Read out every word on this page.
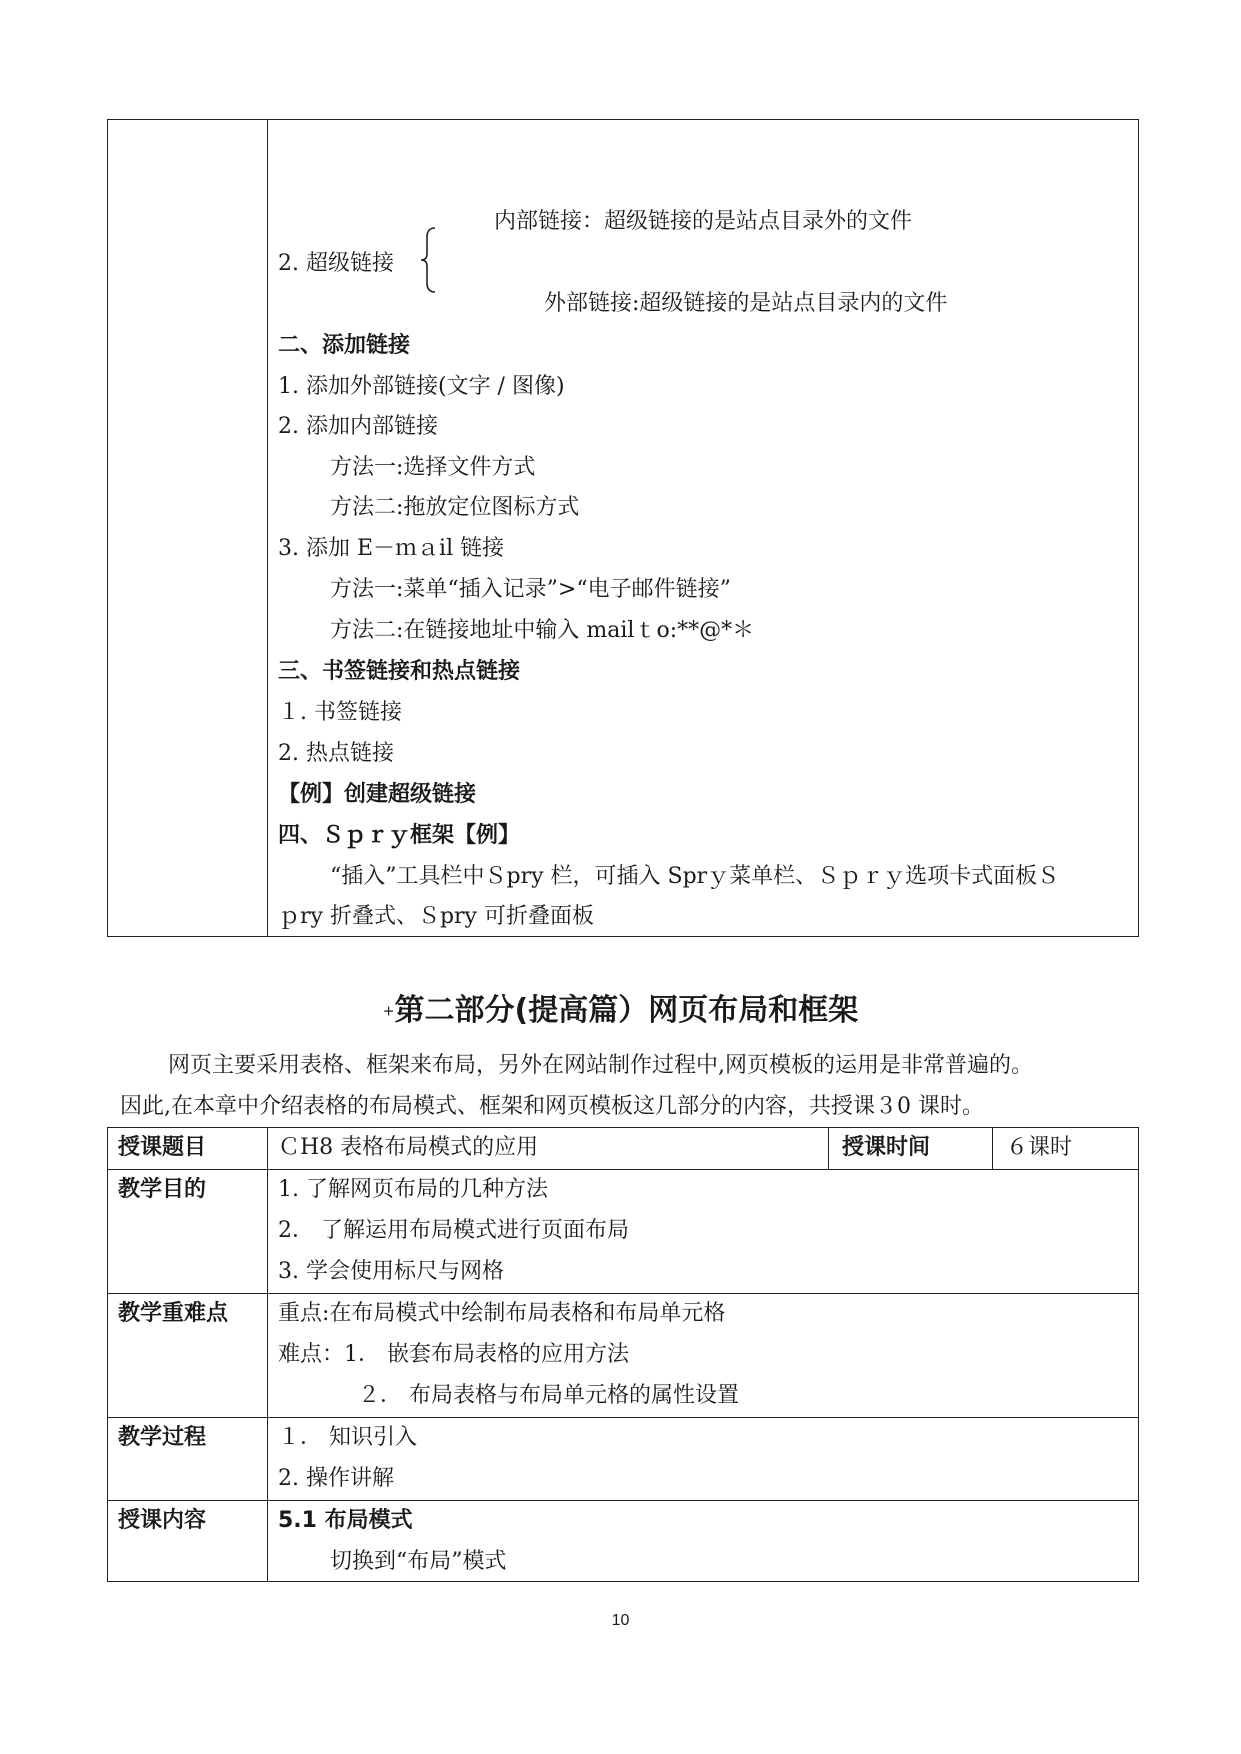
内部链接：超级链接的是站点目录外的文件
2. 超级链接
外部链接:超级链接的是站点目录内的文件
二、添加链接
1. 添加外部链接(文字 / 图像)
2. 添加内部链接
方法一:选择文件方式
方法二:拖放定位图标方式
3. 添加 E－ｍａil 链接
方法一:菜单“插入记录”>“电子邮件链接”
方法二:在链接地址中输入 mailｔo:**@*＊
三、书签链接和热点链接
１. 书签链接
2. 热点链接
【例】创建超级链接
四、Ｓｐｒｙ框架【例】
“插入”工具栏中Ｓpry 栏，可插入 Sprｙ菜单栏、Ｓｐｒｙ选项卡式面板Ｓ
ｐry 折叠式、Ｓpry 可折叠面板
+第二部分(提高篇）网页布局和框架
网页主要采用表格、框架来布局，另外在网站制作过程中,网页模板的运用是非常普遍的。
因此,在本章中介绍表格的布局模式、框架和网页模板这几部分的内容，共授课３0 课时。
授课题目	ＣH8 表格布局模式的应用	授课时间	６课时
教学目的	1. 了解网页布局的几种方法
2． 了解运用布局模式进行页面布局
3. 学会使用标尺与网格
教学重难点 重点:在布局模式中绘制布局表格和布局单元格
难点：1． 嵌套布局表格的应用方法
２． 布局表格与布局单元格的属性设置
教学过程	１． 知识引入
2. 操作讲解
授课内容	5.1 布局模式
切换到“布局”模式
10
